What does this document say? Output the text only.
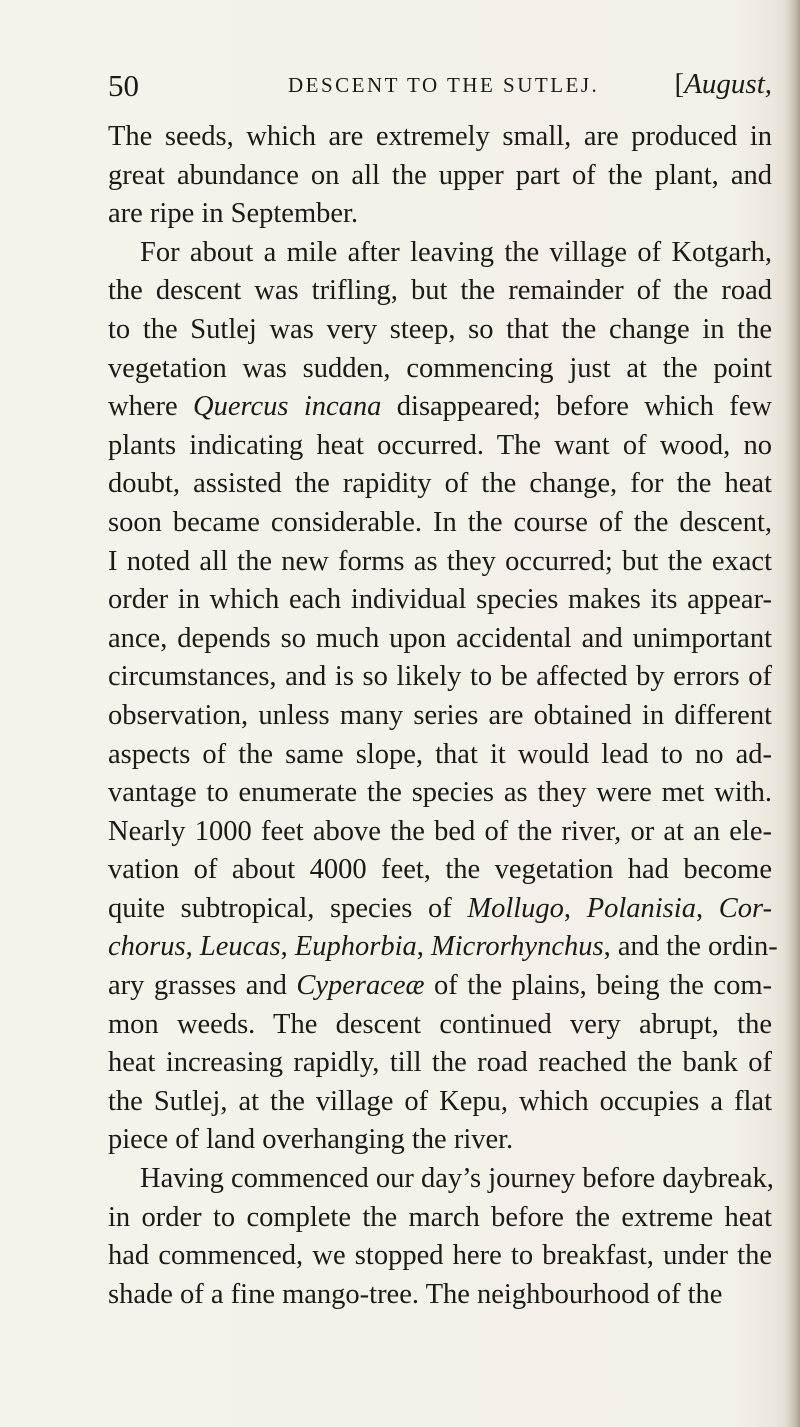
50	DESCENT TO THE SUTLEJ.	[August,
The seeds, which are extremely small, are produced in
great abundance on all the upper part of the plant, and
are ripe in September.
For about a mile after leaving the village of Kotgarh,
the descent was trifling, but the remainder of the road
to the Sutlej was very steep, so that the change in the
vegetation was sudden, commencing just at the point
where Quercus incana disappeared; before which few
plants indicating heat occurred. The want of wood, no
doubt, assisted the rapidity of the change, for the heat
soon became considerable. In the course of the descent,
I noted all the new forms as they occurred; but the exact
order in which each individual species makes its appear-
ance, depends so much upon accidental and unimportant
circumstances, and is so likely to be affected by errors of
observation, unless many series are obtained in different
aspects of the same slope, that it would lead to no ad-
vantage to enumerate the species as they were met with.
Nearly 1000 feet above the bed of the river, or at an ele-
vation of about 4000 feet, the vegetation had become
quite subtropical, species of Mollugo, Polanisia, Cor-
chorus, Leucas, Euphorbia, Microrhynchus, and the ordin-
ary grasses and Cyperaceæ of the plains, being the com-
mon weeds. The descent continued very abrupt, the
heat increasing rapidly, till the road reached the bank of
the Sutlej, at the village of Kepu, which occupies a flat
piece of land overhanging the river.
Having commenced our day’s journey before daybreak,
in order to complete the march before the extreme heat
had commenced, we stopped here to breakfast, under the
shade of a fine mango-tree. The neighbourhood of the
